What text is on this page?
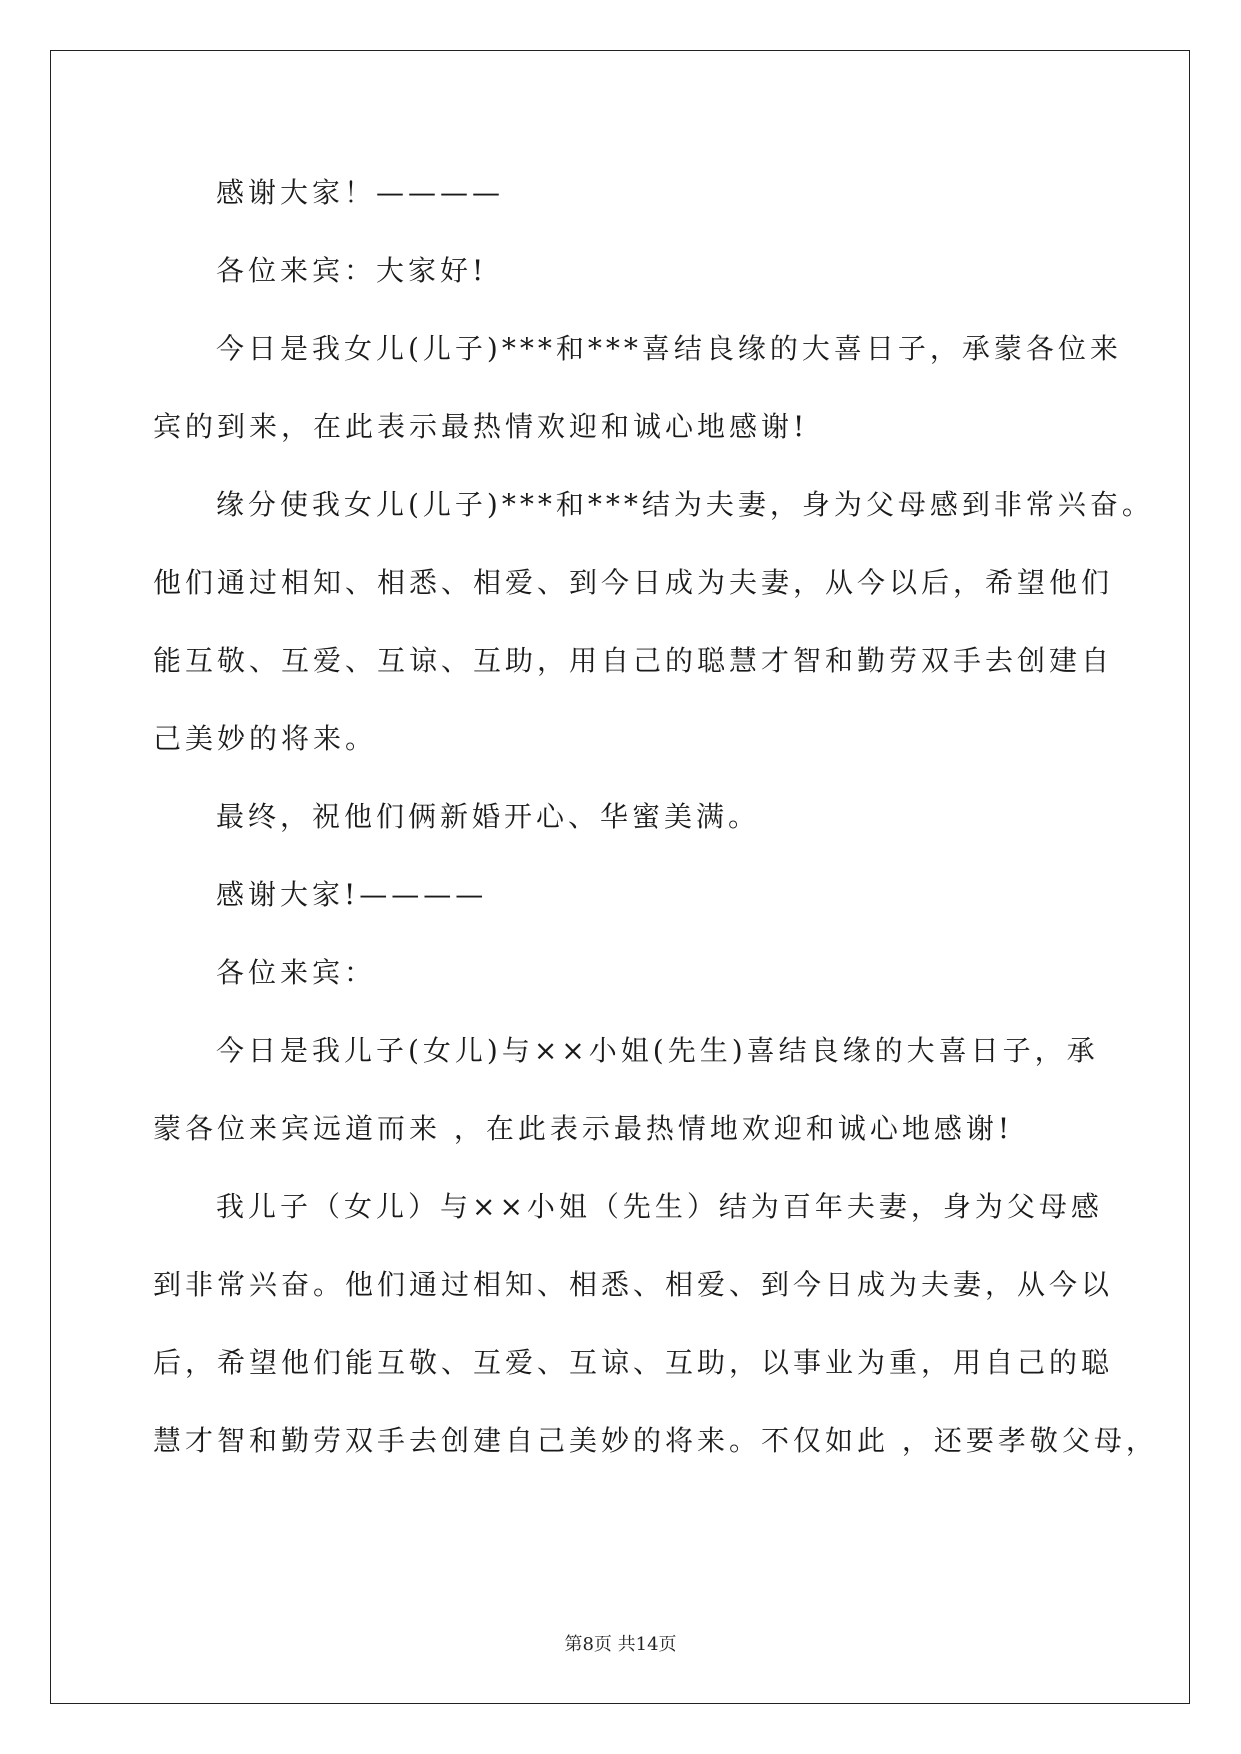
感谢大家！————
各位来宾：大家好!
今日是我女儿(儿子)***和***喜结良缘的大喜日子，承蒙各位来
宾的到来，在此表示最热情欢迎和诚心地感谢!
缘分使我女儿(儿子)***和***结为夫妻，身为父母感到非常兴奋。
他们通过相知、相悉、相爱、到今日成为夫妻，从今以后，希望他们
能互敬、互爱、互谅、互助，用自己的聪慧才智和勤劳双手去创建自
己美妙的将来。
最终，祝他们俩新婚开心、华蜜美满。
感谢大家!————
各位来宾：
今日是我儿子(女儿)与××小姐(先生)喜结良缘的大喜日子，承
蒙各位来宾远道而来 ，在此表示最热情地欢迎和诚心地感谢!
我儿子（女儿）与××小姐（先生）结为百年夫妻，身为父母感
到非常兴奋。他们通过相知、相悉、相爱、到今日成为夫妻，从今以
后，希望他们能互敬、互爱、互谅、互助，以事业为重，用自己的聪
慧才智和勤劳双手去创建自己美妙的将来。不仅如此 ，还要孝敬父母，
第8页 共14页
